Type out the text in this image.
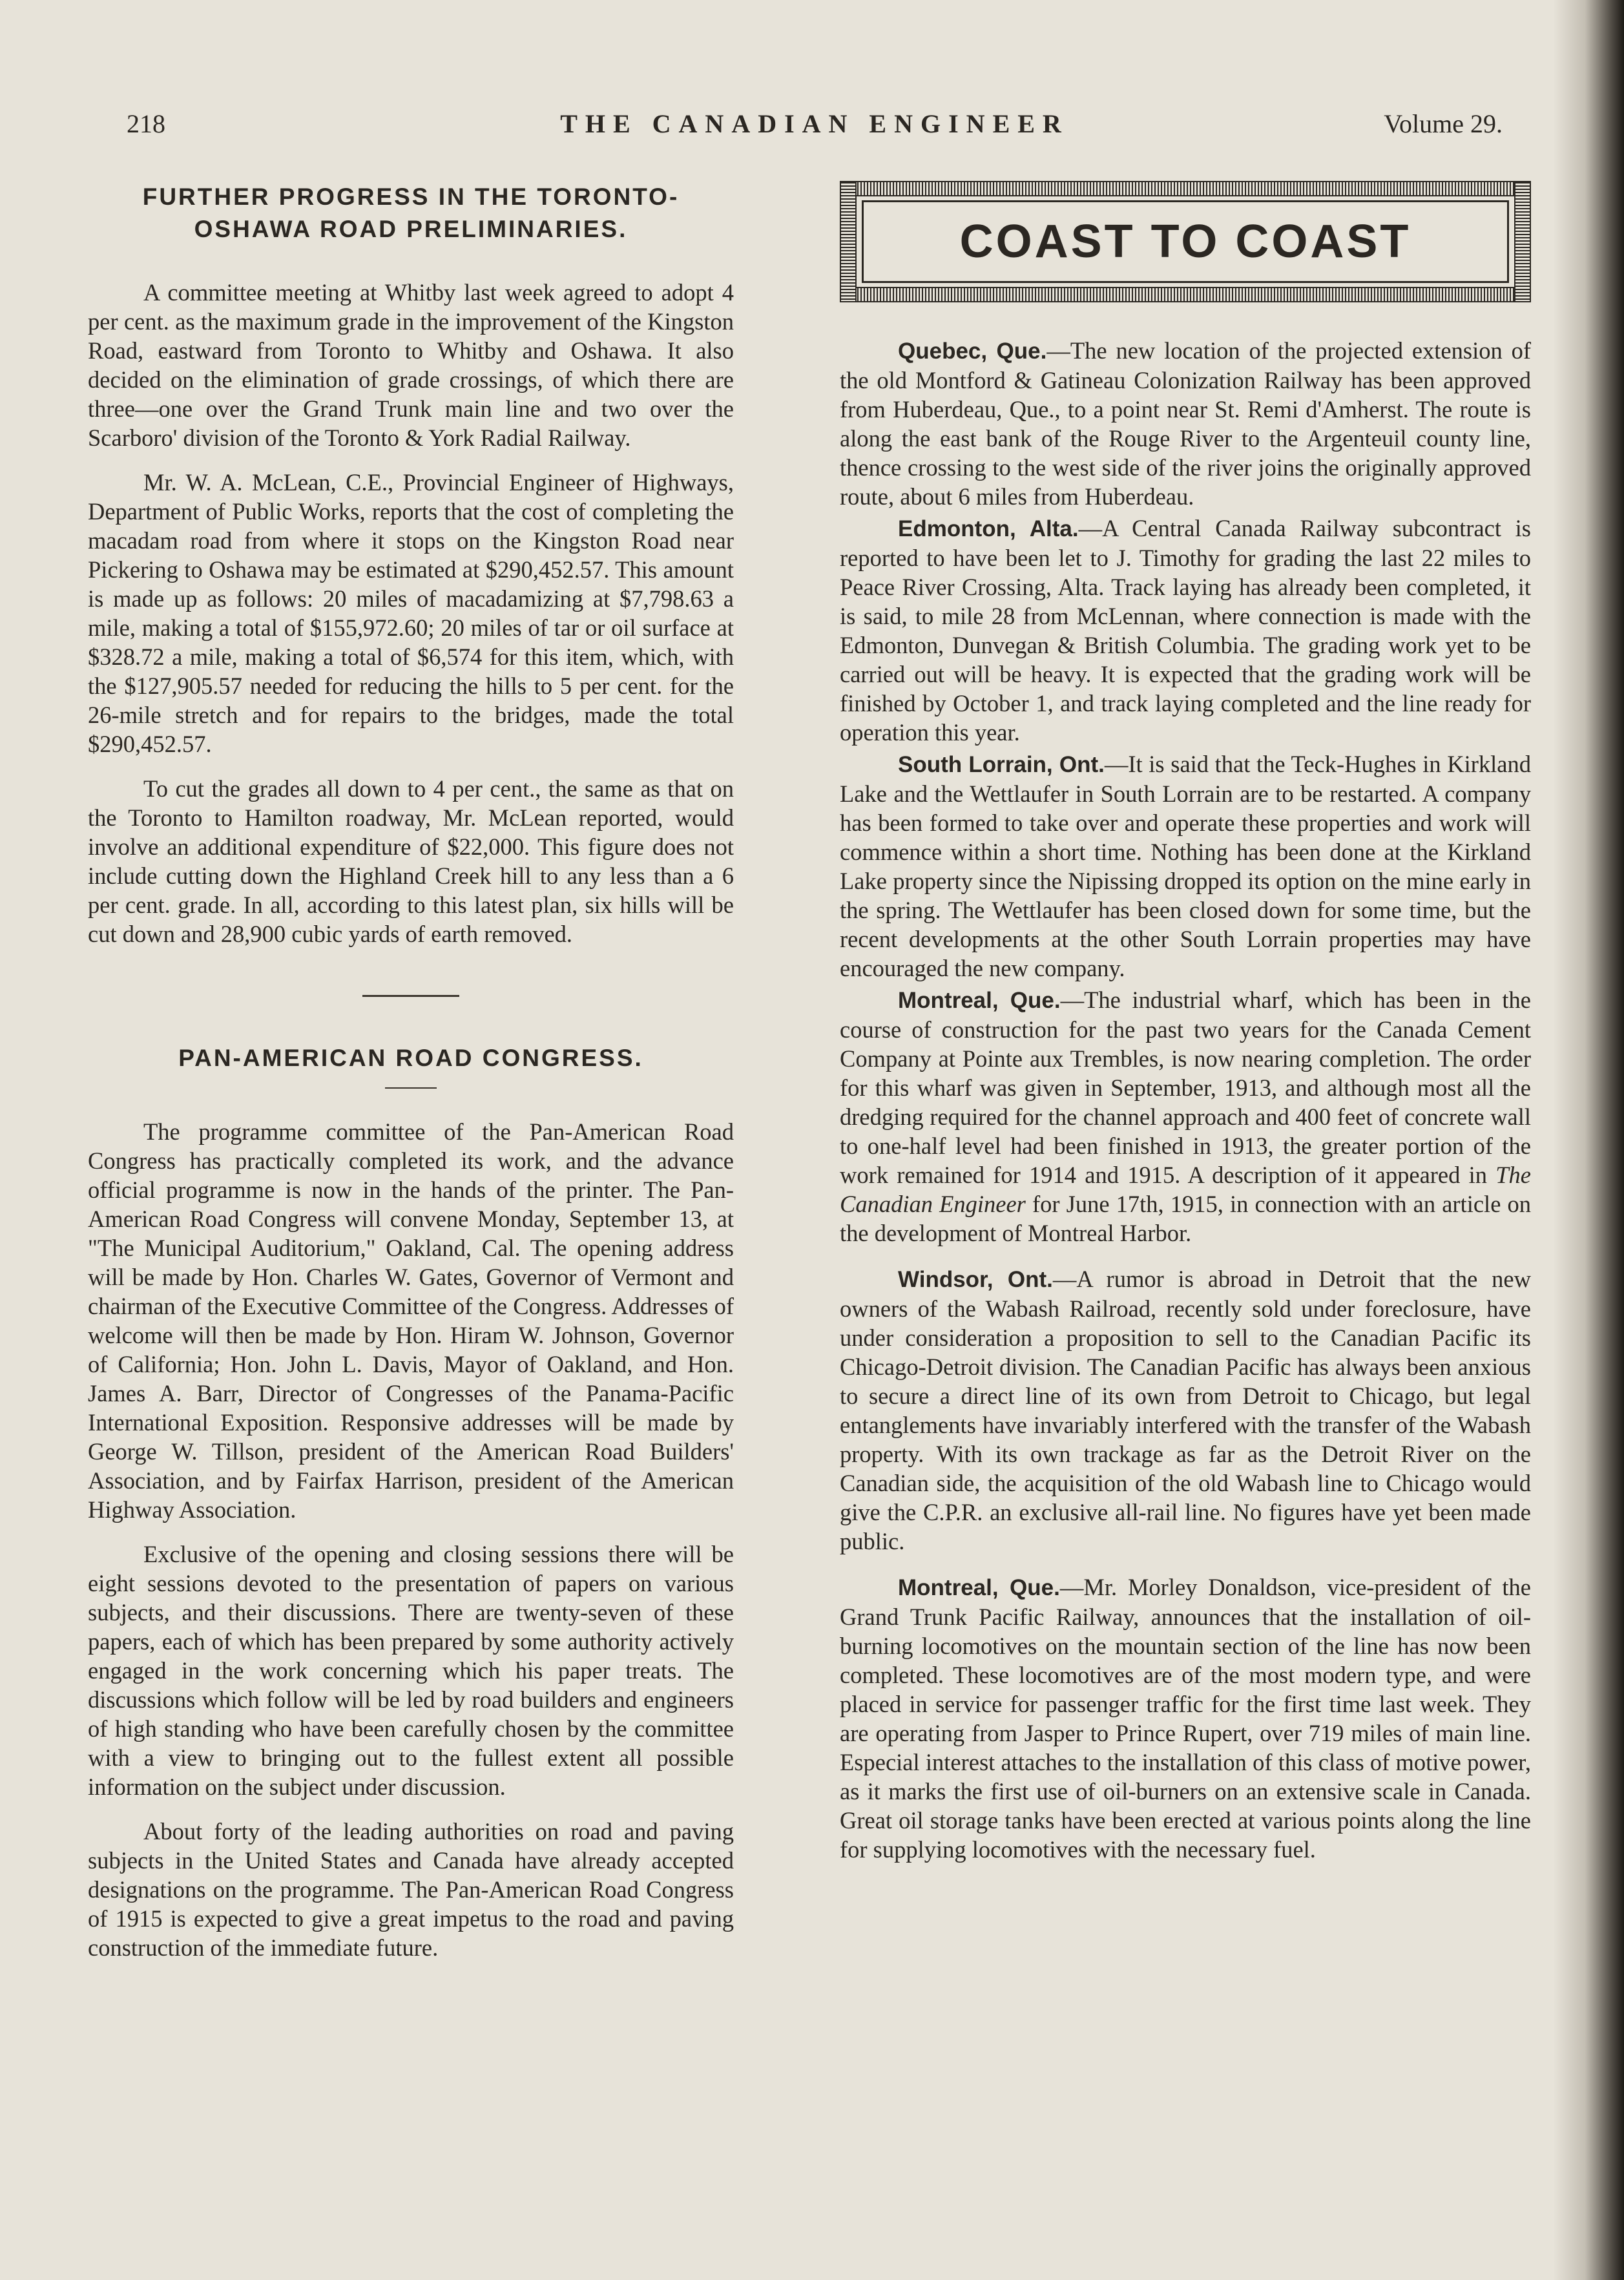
218	THE CANADIAN ENGINEER	Volume 29.
FURTHER PROGRESS IN THE TORONTO-
OSHAWA ROAD PRELIMINARIES.

A committee meeting at Whitby last week agreed to adopt 4 per cent. as the maximum grade in the improvement of the Kingston Road, eastward from Toronto to Whitby and Oshawa. It also decided on the elimination of grade crossings, of which there are three—one over the Grand Trunk main line and two over the Scarboro' division of the Toronto & York Radial Railway.

Mr. W. A. McLean, C.E., Provincial Engineer of Highways, Department of Public Works, reports that the cost of completing the macadam road from where it stops on the Kingston Road near Pickering to Oshawa may be estimated at $290,452.57. This amount is made up as follows: 20 miles of macadamizing at $7,798.63 a mile, making a total of $155,972.60; 20 miles of tar or oil surface at $328.72 a mile, making a total of $6,574 for this item, which, with the $127,905.57 needed for reducing the hills to 5 per cent. for the 26-mile stretch and for repairs to the bridges, made the total $290,452.57.

To cut the grades all down to 4 per cent., the same as that on the Toronto to Hamilton roadway, Mr. McLean reported, would involve an additional expenditure of $22,000. This figure does not include cutting down the Highland Creek hill to any less than a 6 per cent. grade. In all, according to this latest plan, six hills will be cut down and 28,900 cubic yards of earth removed.

PAN-AMERICAN ROAD CONGRESS.

The programme committee of the Pan-American Road Congress has practically completed its work, and the advance official programme is now in the hands of the printer. The Pan-American Road Congress will convene Monday, September 13, at "The Municipal Auditorium," Oakland, Cal. The opening address will be made by Hon. Charles W. Gates, Governor of Vermont and chairman of the Executive Committee of the Congress. Addresses of welcome will then be made by Hon. Hiram W. Johnson, Governor of California; Hon. John L. Davis, Mayor of Oakland, and Hon. James A. Barr, Director of Congresses of the Panama-Pacific International Exposition. Responsive addresses will be made by George W. Tillson, president of the American Road Builders' Association, and by Fairfax Harrison, president of the American Highway Association.

Exclusive of the opening and closing sessions there will be eight sessions devoted to the presentation of papers on various subjects, and their discussions. There are twenty-seven of these papers, each of which has been prepared by some authority actively engaged in the work concerning which his paper treats. The discussions which follow will be led by road builders and engineers of high standing who have been carefully chosen by the committee with a view to bringing out to the fullest extent all possible information on the subject under discussion.

About forty of the leading authorities on road and paving subjects in the United States and Canada have already accepted designations on the programme. The Pan-American Road Congress of 1915 is expected to give a great impetus to the road and paving construction of the immediate future.

COAST TO COAST

Quebec, Que.—The new location of the projected extension of the old Montford & Gatineau Colonization Railway has been approved from Huberdeau, Que., to a point near St. Remi d'Amherst. The route is along the east bank of the Rouge River to the Argenteuil county line, thence crossing to the west side of the river joins the originally approved route, about 6 miles from Huberdeau.

Edmonton, Alta.—A Central Canada Railway subcontract is reported to have been let to J. Timothy for grading the last 22 miles to Peace River Crossing, Alta. Track laying has already been completed, it is said, to mile 28 from McLennan, where connection is made with the Edmonton, Dunvegan & British Columbia. The grading work yet to be carried out will be heavy. It is expected that the grading work will be finished by October 1, and track laying completed and the line ready for operation this year.

South Lorrain, Ont.—It is said that the Teck-Hughes in Kirkland Lake and the Wettlaufer in South Lorrain are to be restarted. A company has been formed to take over and operate these properties and work will commence within a short time. Nothing has been done at the Kirkland Lake property since the Nipissing dropped its option on the mine early in the spring. The Wettlaufer has been closed down for some time, but the recent developments at the other South Lorrain properties may have encouraged the new company.

Montreal, Que.—The industrial wharf, which has been in the course of construction for the past two years for the Canada Cement Company at Pointe aux Trembles, is now nearing completion. The order for this wharf was given in September, 1913, and although most all the dredging required for the channel approach and 400 feet of concrete wall to one-half level had been finished in 1913, the greater portion of the work remained for 1914 and 1915. A description of it appeared in The Canadian Engineer for June 17th, 1915, in connection with an article on the development of Montreal Harbor.

Windsor, Ont.—A rumor is abroad in Detroit that the new owners of the Wabash Railroad, recently sold under foreclosure, have under consideration a proposition to sell to the Canadian Pacific its Chicago-Detroit division. The Canadian Pacific has always been anxious to secure a direct line of its own from Detroit to Chicago, but legal entanglements have invariably interfered with the transfer of the Wabash property. With its own trackage as far as the Detroit River on the Canadian side, the acquisition of the old Wabash line to Chicago would give the C.P.R. an exclusive all-rail line. No figures have yet been made public.

Montreal, Que.—Mr. Morley Donaldson, vice-president of the Grand Trunk Pacific Railway, announces that the installation of oil-burning locomotives on the mountain section of the line has now been completed. These locomotives are of the most modern type, and were placed in service for passenger traffic for the first time last week. They are operating from Jasper to Prince Rupert, over 719 miles of main line. Especial interest attaches to the installation of this class of motive power, as it marks the first use of oil-burners on an extensive scale in Canada. Great oil storage tanks have been erected at various points along the line for supplying locomotives with the necessary fuel.
